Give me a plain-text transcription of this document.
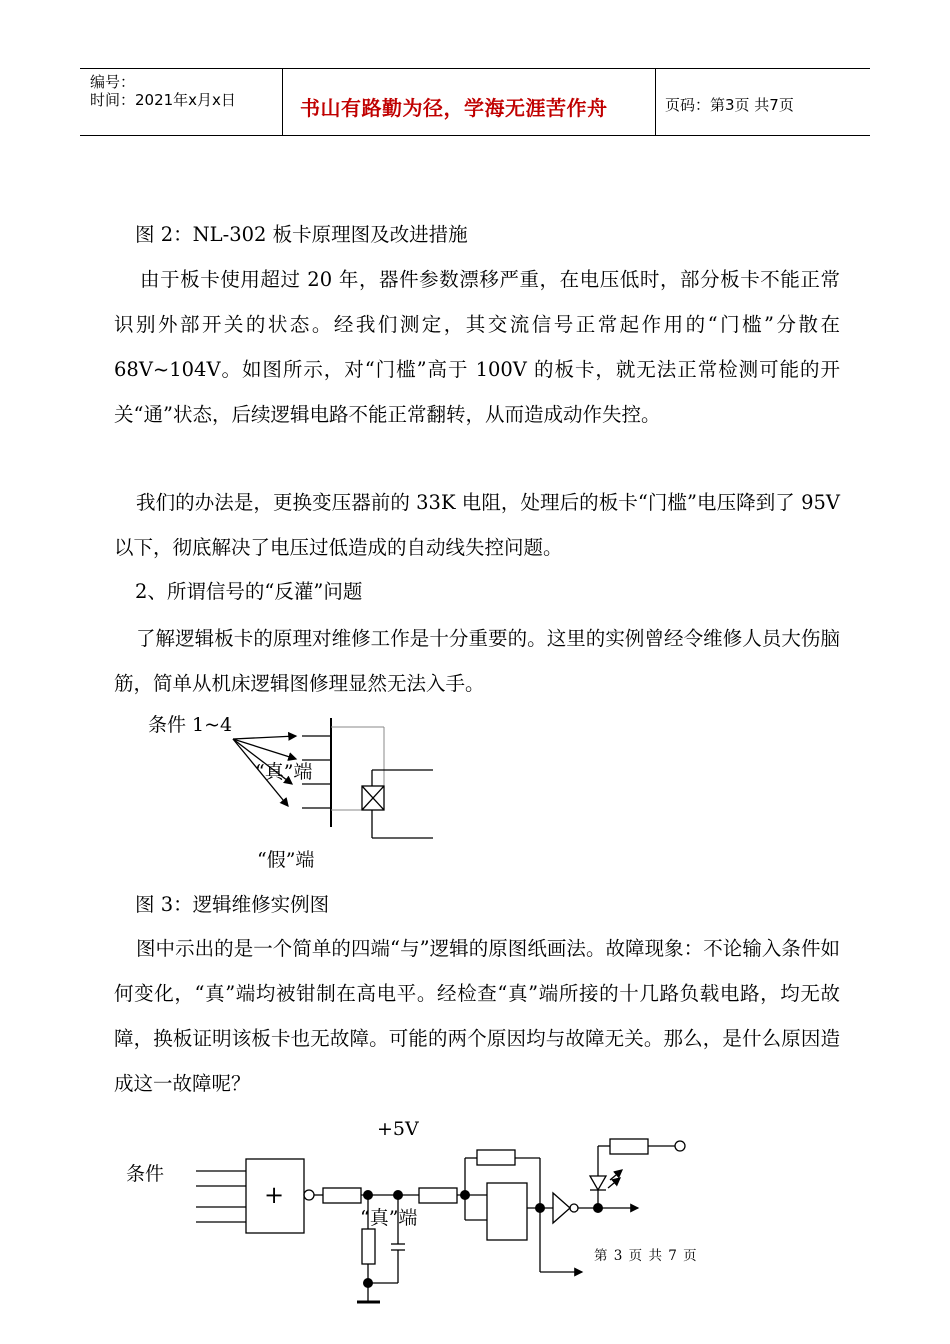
编号：
时间：2021年x月x日	书山有路勤为径，学海无涯苦作舟	页码：第3页 共7页
图 2：NL-302 板卡原理图及改进措施

由于板卡使用超过 20 年，器件参数漂移严重，在电压低时，部分板卡不能正常识别外部开关的状态。经我们测定，其交流信号正常起作用的“门槛”分散在 68V~104V。如图所示，对“门槛”高于 100V 的板卡，就无法正常检测可能的开关“通”状态，后续逻辑电路不能正常翻转，从而造成动作失控。

我们的办法是，更换变压器前的 33K 电阻，处理后的板卡“门槛”电压降到了 95V 以下，彻底解决了电压过低造成的自动线失控问题。

2、所谓信号的“反灌”问题

了解逻辑板卡的原理对维修工作是十分重要的。这里的实例曾经令维修人员大伤脑筋，简单从机床逻辑图修理显然无法入手。

条件 1~4
“真”端
“假”端
图 3：逻辑维修实例图

图中示出的是一个简单的四端“与”逻辑的原图纸画法。故障现象：不论输入条件如何变化，“真”端均被钳制在高电平。经检查“真”端所接的十几路负载电路，均无故障，换板证明该板卡也无故障。可能的两个原因均与故障无关。那么，是什么原因造成这一故障呢？

+5V
条件
+
“真”端
第 3 页 共 7 页
